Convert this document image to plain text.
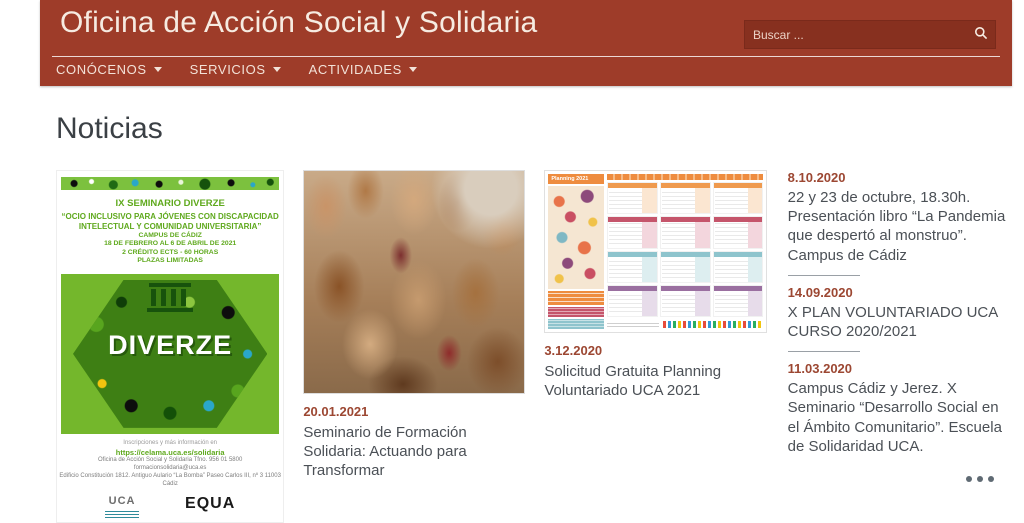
Oficina de Acción Social y Solidaria
Buscar ...
CONÓCENOS	SERVICIOS	ACTIVIDADES
Noticias
IX SEMINARIO DIVERZE
“OCIO INCLUSIVO PARA JÓVENES CON DISCAPACIDAD
INTELECTUAL Y COMUNIDAD UNIVERSITARIA”
CAMPUS DE CÁDIZ
18 DE FEBRERO AL 6 DE ABRIL DE 2021
2 CRÉDITO ECTS - 60 HORAS
PLAZAS LIMITADAS
DIVERZE
Inscripciones y más información en
https://celama.uca.es/solidaria
Oficina de Acción Social y Solidaria Tfno. 956 01 5800
formacionsolidaria@uca.es
Edificio Constitución 1812. Antiguo Aulario “La Bomba” Paseo Carlos III, nº 3 11003 Cádiz
UCA	EQUA
20.01.2021
Seminario de Formación Solidaria: Actuando para Transformar
Planning 2021
3.12.2020
Solicitud Gratuita Planning Voluntariado UCA 2021
8.10.2020
22 y 23 de octubre, 18.30h. Presentación libro “La Pandemia que despertó al monstruo”. Campus de Cádiz
14.09.2020
X PLAN VOLUNTARIADO UCA CURSO 2020/2021
11.03.2020
Campus Cádiz y Jerez. X Seminario “Desarrollo Social en el Ámbito Comunitario”. Escuela de Solidaridad UCA.
